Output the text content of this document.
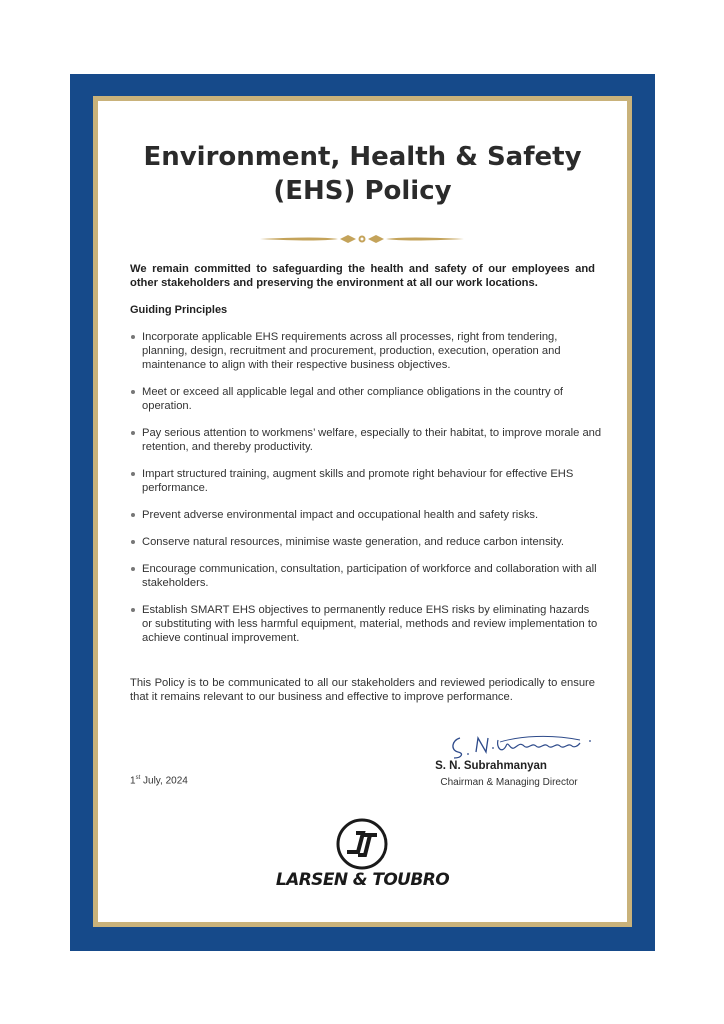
Environment, Health & Safety
(EHS) Policy

We remain committed to safeguarding the health and safety of our employees and other stakeholders and preserving the environment at all our work locations.

Guiding Principles

Incorporate applicable EHS requirements across all processes, right from tendering, planning, design, recruitment and procurement, production, execution, operation and maintenance to align with their respective business objectives.
Meet or exceed all applicable legal and other compliance obligations in the country of operation.
Pay serious attention to workmens’ welfare, especially to their habitat, to improve morale and retention, and thereby productivity.
Impart structured training, augment skills and promote right behaviour for effective EHS performance.
Prevent adverse environmental impact and occupational health and safety risks.
Conserve natural resources, minimise waste generation, and reduce carbon intensity.
Encourage communication, consultation, participation of workforce and collaboration with all stakeholders.
Establish SMART EHS objectives to permanently reduce EHS risks by eliminating hazards or substituting with less harmful equipment, material, methods and review implementation to achieve continual improvement.

This Policy is to be communicated to all our stakeholders and reviewed periodically to ensure that it remains relevant to our business and effective to improve performance.

1st July, 2024
S. N. Subrahmanyan
Chairman & Managing Director
LARSEN & TOUBRO
